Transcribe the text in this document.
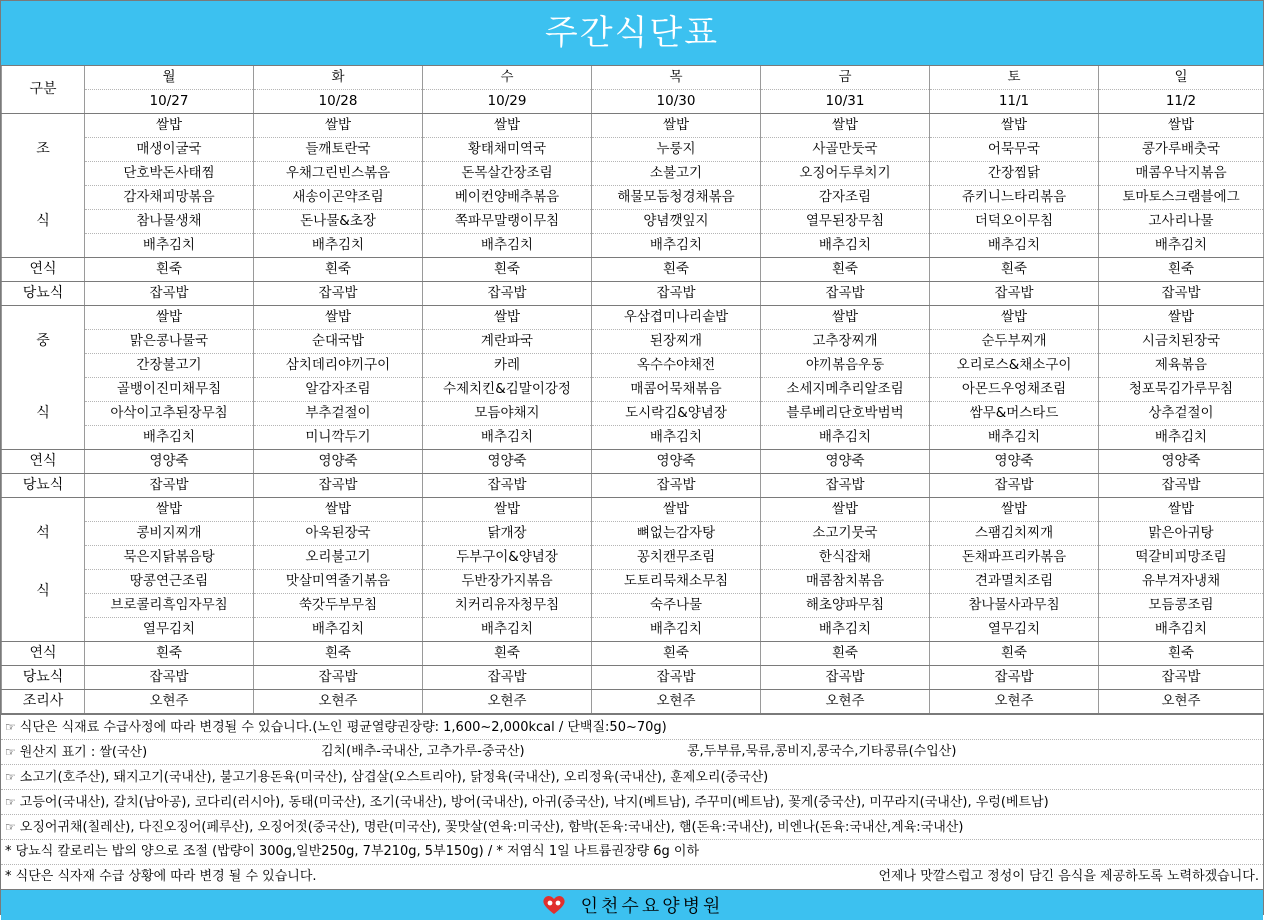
주간식단표
구분	월	화	수	목	금	토	일
	10/27	10/28	10/29	10/30	10/31	11/1	11/2

조
식	쌀밥	쌀밥	쌀밥	쌀밥	쌀밥	쌀밥	쌀밥
	매생이굴국	들깨토란국	황태채미역국	누룽지	사골만둣국	어묵무국	콩가루배춧국
	단호박돈사태찜	우채그린빈스볶음	돈목살간장조림	소불고기	오징어두루치기	간장찜닭	매콤우낙지볶음
	감자채피망볶음	새송이곤약조림	베이컨양배추볶음	해물모둠청경채볶음	감자조림	쥬키니느타리볶음	토마토스크램블에그
	참나물생채	돈나물&초장	쪽파무말랭이무침	양념깻잎지	열무된장무침	더덕오이무침	고사리나물
	배추김치	배추김치	배추김치	배추김치	배추김치	배추김치	배추김치
연식	흰죽	흰죽	흰죽	흰죽	흰죽	흰죽	흰죽
당뇨식	잡곡밥	잡곡밥	잡곡밥	잡곡밥	잡곡밥	잡곡밥	잡곡밥

중
식	쌀밥	쌀밥	쌀밥	우삼겹미나리솥밥	쌀밥	쌀밥	쌀밥
	맑은콩나물국	순대국밥	계란파국	된장찌개	고추장찌개	순두부찌개	시금치된장국
	간장불고기	삼치데리야끼구이	카레	옥수수야채전	야끼볶음우동	오리로스&채소구이	제육볶음
	골뱅이진미채무침	알감자조림	수제치킨&김말이강정	매콤어묵채볶음	소세지메추리알조림	아몬드우엉채조림	청포묵김가루무침
	아삭이고추된장무침	부추겉절이	모듬야채지	도시락김&양념장	블루베리단호박범벅	쌈무&머스타드	상추겉절이
	배추김치	미니깍두기	배추김치	배추김치	배추김치	배추김치	배추김치
연식	영양죽	영양죽	영양죽	영양죽	영양죽	영양죽	영양죽
당뇨식	잡곡밥	잡곡밥	잡곡밥	잡곡밥	잡곡밥	잡곡밥	잡곡밥

석
식	쌀밥	쌀밥	쌀밥	쌀밥	쌀밥	쌀밥	쌀밥
	콩비지찌개	아욱된장국	닭개장	뼈없는감자탕	소고기뭇국	스팸김치찌개	맑은아귀탕
	묵은지닭볶음탕	오리불고기	두부구이&양념장	꽁치캔무조림	한식잡채	돈채파프리카볶음	떡갈비피망조림
	땅콩연근조림	맛살미역줄기볶음	두반장가지볶음	도토리묵채소무침	매콤참치볶음	견과멸치조림	유부겨자냉채
	브로콜리흑임자무침	쑥갓두부무침	치커리유자청무침	숙주나물	해초양파무침	참나물사과무침	모듬콩조림
	열무김치	배추김치	배추김치	배추김치	배추김치	열무김치	배추김치
연식	흰죽	흰죽	흰죽	흰죽	흰죽	흰죽	흰죽
당뇨식	잡곡밥	잡곡밥	잡곡밥	잡곡밥	잡곡밥	잡곡밥	잡곡밥
조리사	오현주	오현주	오현주	오현주	오현주	오현주	오현주
☞ 식단은 식재료 수급사정에 따라 변경될 수 있습니다.(노인 평균열량권장량: 1,600~2,000kcal / 단백질:50~70g)
☞ 원산지 표기 : 쌀(국산)	김치(배추-국내산, 고추가루-중국산)	콩,두부류,묵류,콩비지,콩국수,기타콩류(수입산)
☞ 소고기(호주산), 돼지고기(국내산), 불고기용돈육(미국산), 삼겹살(오스트리아), 닭정육(국내산), 오리정육(국내산), 훈제오리(중국산)
☞ 고등어(국내산), 갈치(남아공), 코다리(러시아), 동태(미국산), 조기(국내산), 방어(국내산), 아귀(중국산), 낙지(베트남), 주꾸미(베트남), 꽃게(중국산), 미꾸라지(국내산), 우렁(베트남)
☞ 오징어귀채(칠레산), 다진오징어(페루산), 오징어젓(중국산), 명란(미국산), 꽃맛살(연육:미국산), 함박(돈육:국내산), 햄(돈육:국내산), 비엔나(돈육:국내산,계육:국내산)
* 당뇨식 칼로리는 밥의 양으로 조절 (밥량이 300g,일반250g, 7부210g, 5부150g) / * 저염식 1일 나트륨권장량 6g 이하
* 식단은 식자재 수급 상황에 따라 변경 될 수 있습니다.	언제나 맛깔스럽고 정성이 담긴 음식을 제공하도록 노력하겠습니다.
인천수요양병원
